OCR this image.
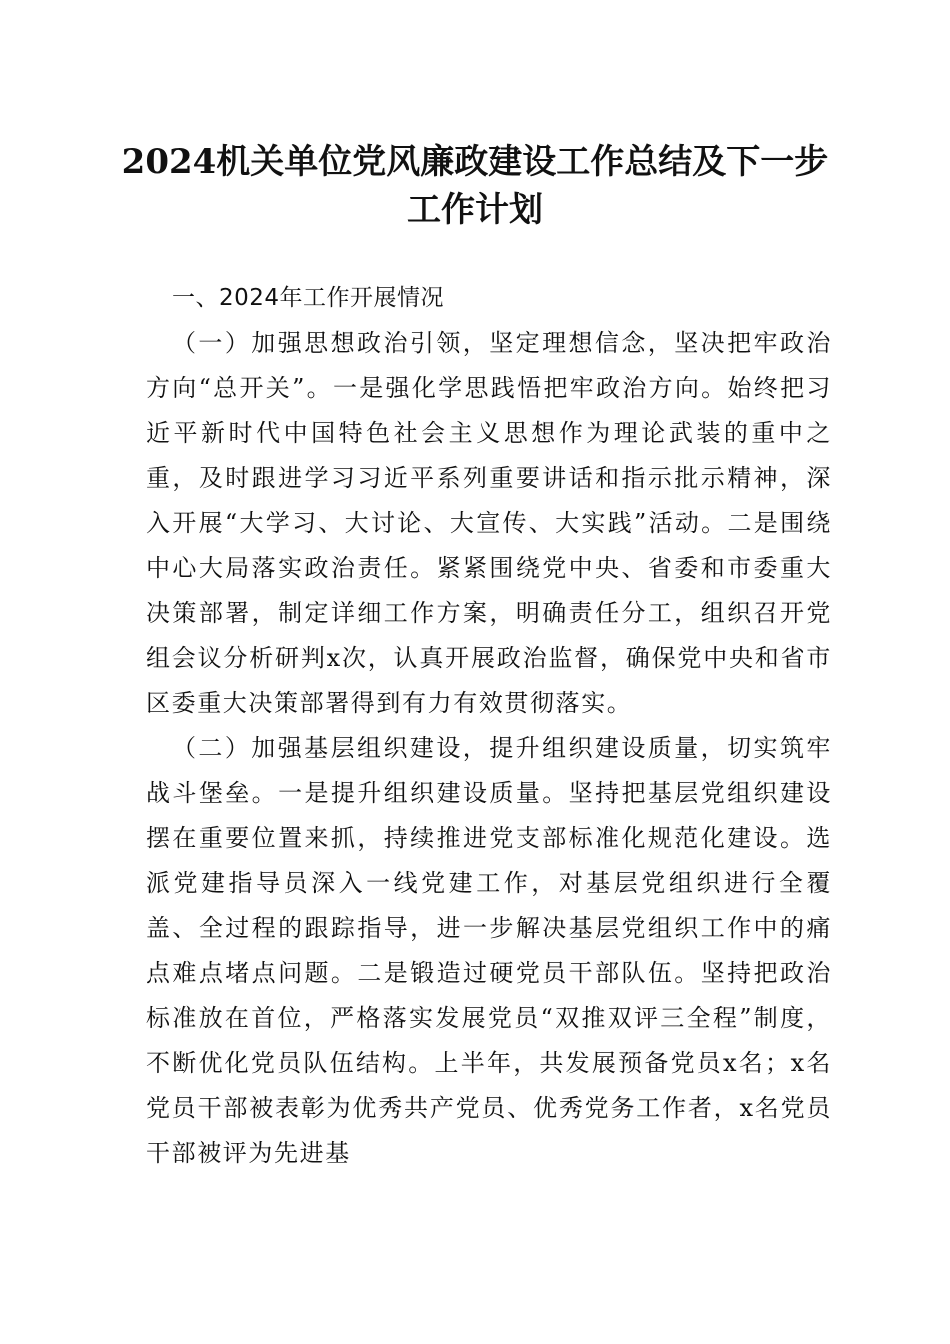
2024机关单位党风廉政建设工作总结及下一步工作计划

一、2024年工作开展情况

（一）加强思想政治引领，坚定理想信念，坚决把牢政治方向“总开关”。一是强化学思践悟把牢政治方向。始终把习近平新时代中国特色社会主义思想作为理论武装的重中之重，及时跟进学习习近平系列重要讲话和指示批示精神，深入开展“大学习、大讨论、大宣传、大实践”活动。二是围绕中心大局落实政治责任。紧紧围绕党中央、省委和市委重大决策部署，制定详细工作方案，明确责任分工，组织召开党组会议分析研判x次，认真开展政治监督，确保党中央和省市区委重大决策部署得到有力有效贯彻落实。

（二）加强基层组织建设，提升组织建设质量，切实筑牢战斗堡垒。一是提升组织建设质量。坚持把基层党组织建设摆在重要位置来抓，持续推进党支部标准化规范化建设。选派党建指导员深入一线党建工作，对基层党组织进行全覆盖、全过程的跟踪指导，进一步解决基层党组织工作中的痛点难点堵点问题。二是锻造过硬党员干部队伍。坚持把政治标准放在首位，严格落实发展党员“双推双评三全程”制度，不断优化党员队伍结构。上半年，共发展预备党员x名；x名党员干部被表彰为优秀共产党员、优秀党务工作者，x名党员干部被评为先进基
